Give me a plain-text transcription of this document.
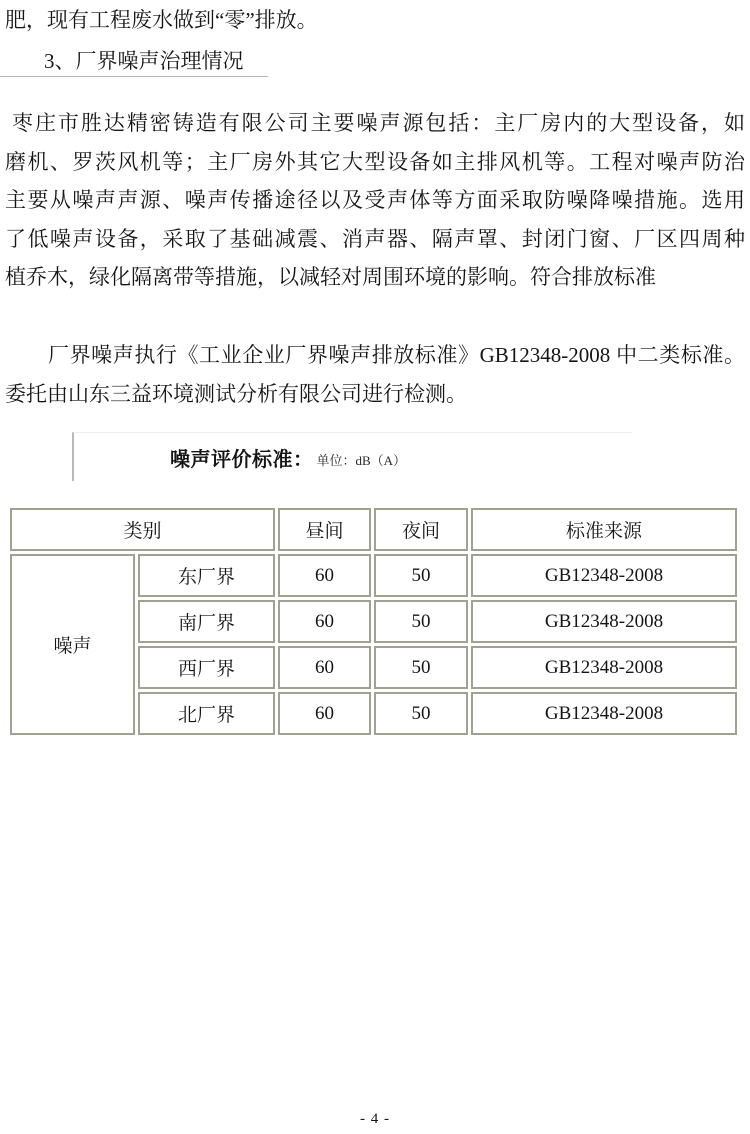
肥，现有工程废水做到“零”排放。
3、厂界噪声治理情况
枣庄市胜达精密铸造有限公司主要噪声源包括：主厂房内的大型设备，如
磨机、罗茨风机等；主厂房外其它大型设备如主排风机等。工程对噪声防治
主要从噪声声源、噪声传播途径以及受声体等方面采取防噪降噪措施。选用
了低噪声设备，采取了基础减震、消声器、隔声罩、封闭门窗、厂区四周种
植乔木，绿化隔离带等措施，以减轻对周围环境的影响。符合排放标准
厂界噪声执行《工业企业厂界噪声排放标准》GB12348-2008 中二类标准。
委托由山东三益环境测试分析有限公司进行检测。
噪声评价标准： 单位：dB（A）
类别		昼间	夜间	标准来源
噪声	东厂界	60	50	GB12348-2008
	南厂界	60	50	GB12348-2008
	西厂界	60	50	GB12348-2008
	北厂界	60	50	GB12348-2008
- 4 -
